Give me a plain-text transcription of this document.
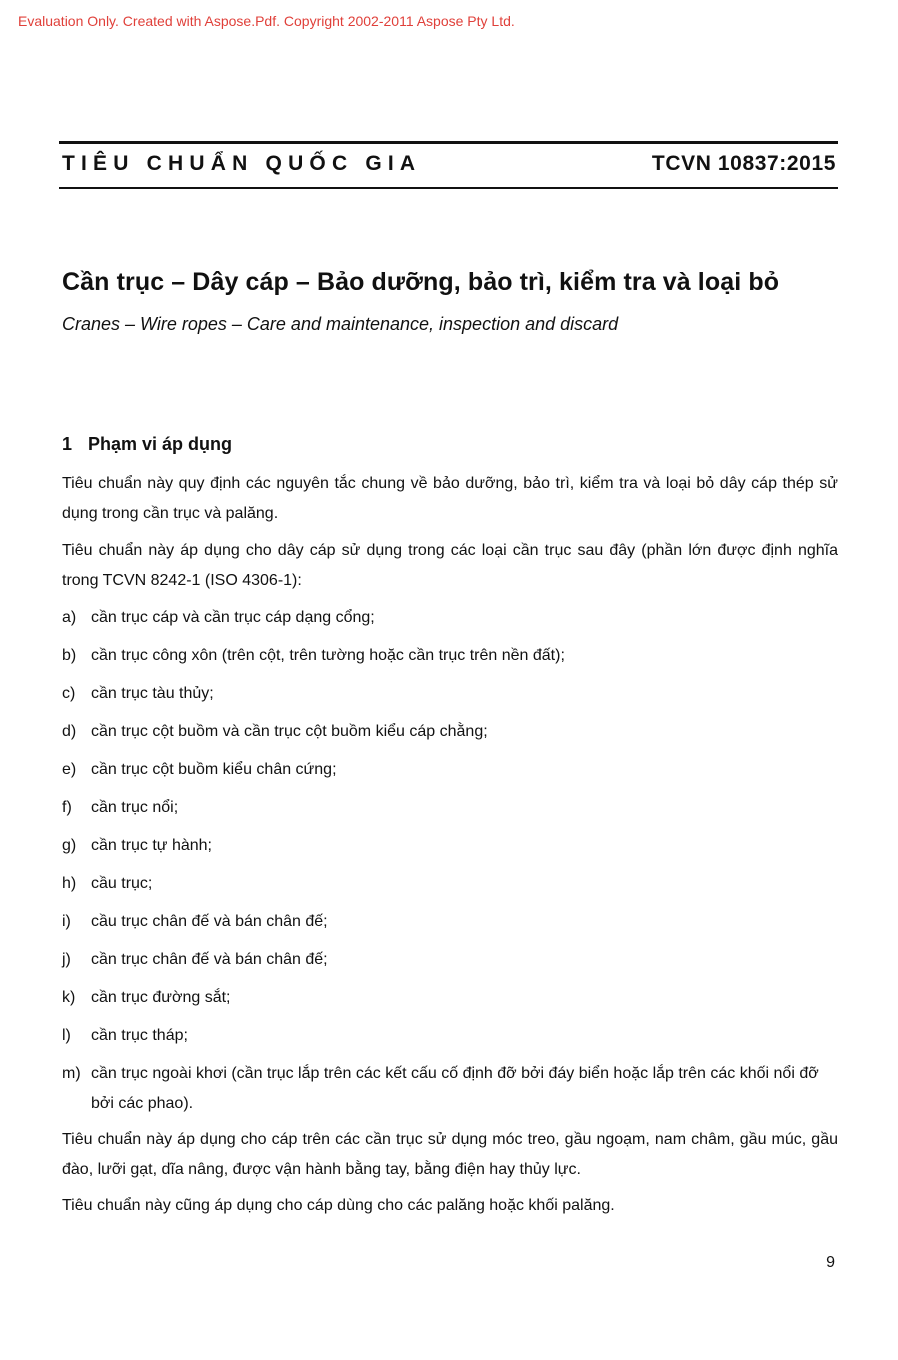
Evaluation Only. Created with Aspose.Pdf. Copyright 2002-2011 Aspose Pty Ltd.
TIÊU CHUẨN QUỐC GIA	TCVN 10837:2015
Cần trục – Dây cáp – Bảo dưỡng, bảo trì, kiểm tra và loại bỏ
Cranes – Wire ropes – Care and maintenance, inspection and discard
1 Phạm vi áp dụng

Tiêu chuẩn này quy định các nguyên tắc chung về bảo dưỡng, bảo trì, kiểm tra và loại bỏ dây cáp thép sử dụng trong cần trục và palăng.

Tiêu chuẩn này áp dụng cho dây cáp sử dụng trong các loại cần trục sau đây (phần lớn được định nghĩa trong TCVN 8242-1 (ISO 4306-1):

a) cần trục cáp và cần trục cáp dạng cổng;
b) cần trục công xôn (trên cột, trên tường hoặc cần trục trên nền đất);
c) cần trục tàu thủy;
d) cần trục cột buồm và cần trục cột buồm kiểu cáp chằng;
e) cần trục cột buồm kiểu chân cứng;
f)	cần trục nổi;
g) cần trục tự hành;
h) cầu trục;
i)	cầu trục chân đế và bán chân đế;
j)	cần trục chân đế và bán chân đế;
k) cần trục đường sắt;
l)	cần trục tháp;
m) cần trục ngoài khơi (cần trục lắp trên các kết cấu cố định đỡ bởi đáy biển hoặc lắp trên các khối nổi đỡ bởi các phao).

Tiêu chuẩn này áp dụng cho cáp trên các cần trục sử dụng móc treo, gầu ngoạm, nam châm, gầu múc, gầu đào, lưỡi gạt, dĩa nâng, được vận hành bằng tay, bằng điện hay thủy lực.

Tiêu chuẩn này cũng áp dụng cho cáp dùng cho các palăng hoặc khối palăng.

9
